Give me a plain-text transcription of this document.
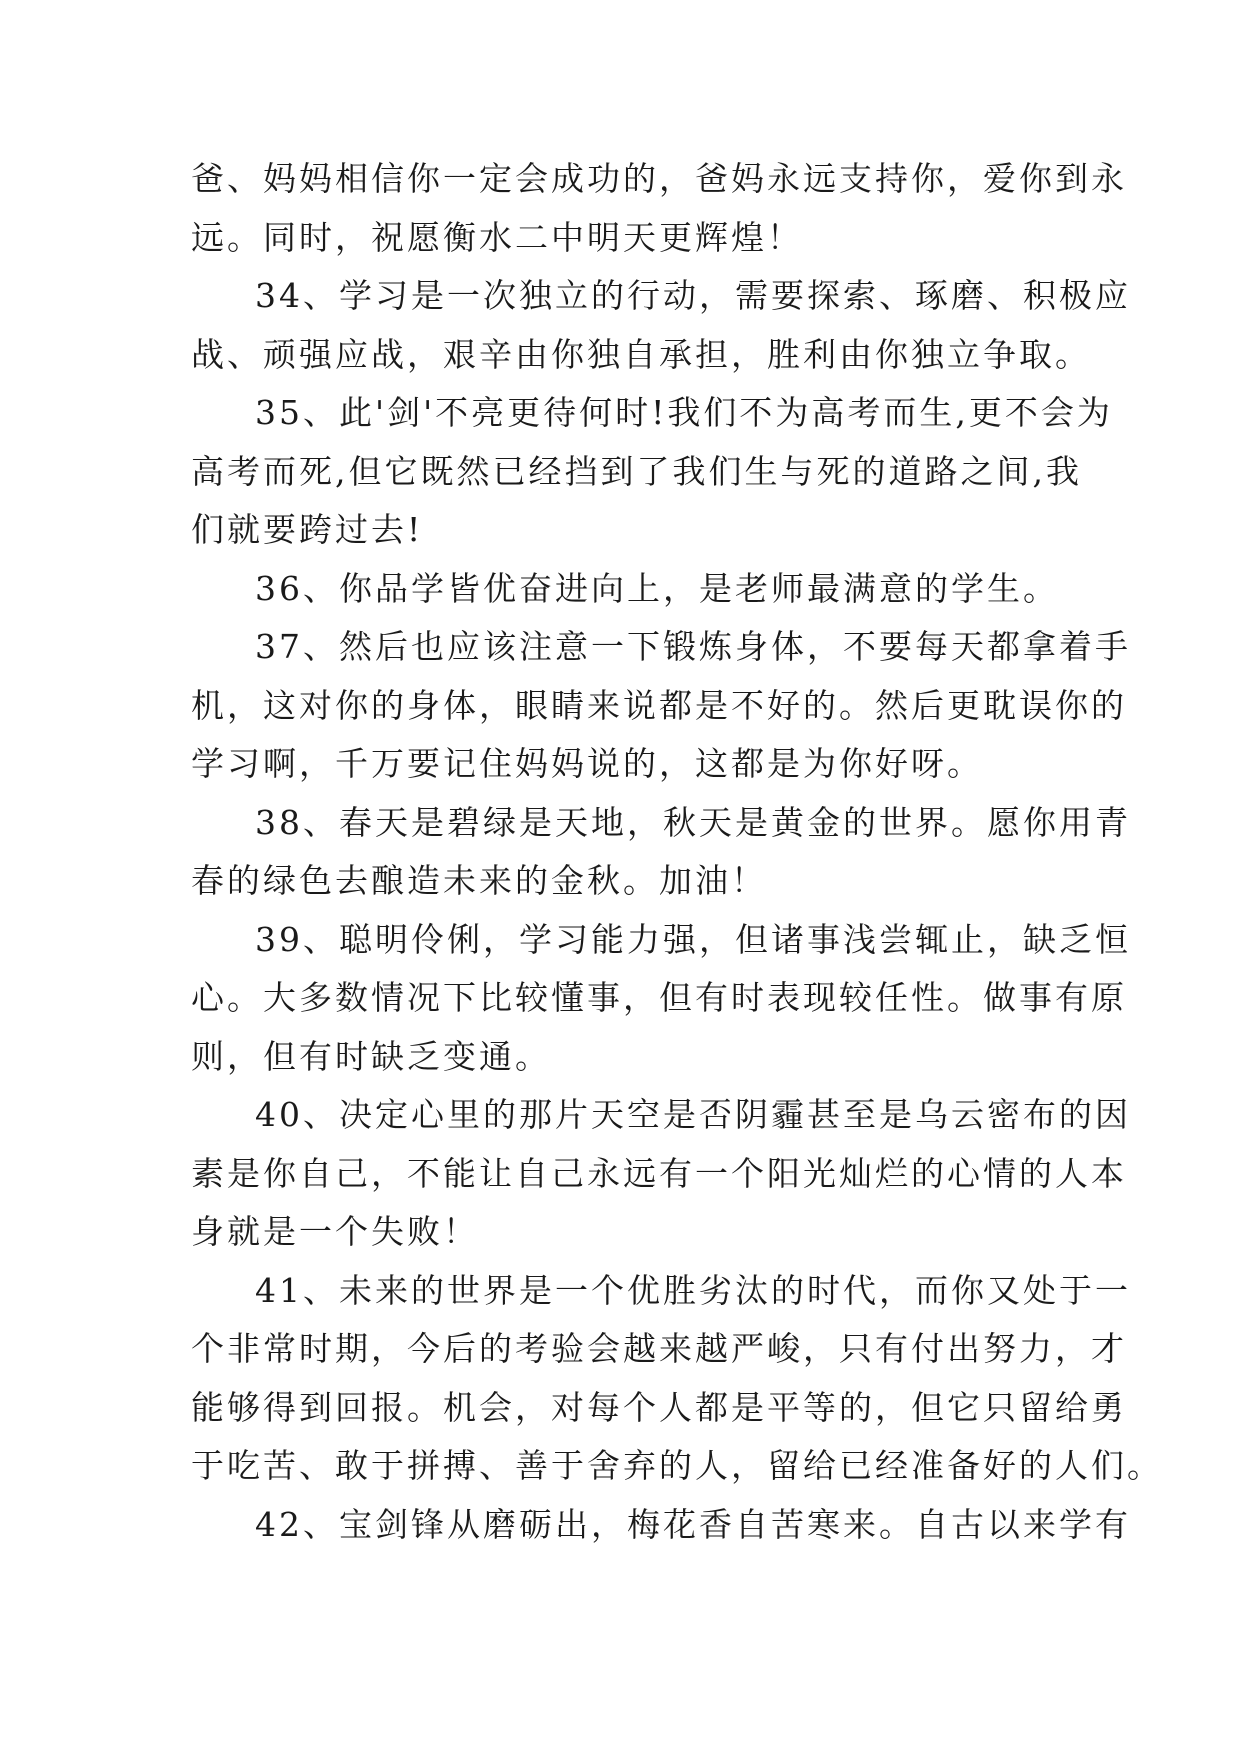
爸、妈妈相信你一定会成功的，爸妈永远支持你，爱你到永
远。同时，祝愿衡水二中明天更辉煌！
34、学习是一次独立的行动，需要探索、琢磨、积极应
战、顽强应战，艰辛由你独自承担，胜利由你独立争取。
35、此'剑'不亮更待何时!我们不为高考而生,更不会为
高考而死,但它既然已经挡到了我们生与死的道路之间,我
们就要跨过去!
36、你品学皆优奋进向上，是老师最满意的学生。
37、然后也应该注意一下锻炼身体，不要每天都拿着手
机，这对你的身体，眼睛来说都是不好的。然后更耽误你的
学习啊，千万要记住妈妈说的，这都是为你好呀。
38、春天是碧绿是天地，秋天是黄金的世界。愿你用青
春的绿色去酿造未来的金秋。加油！
39、聪明伶俐，学习能力强，但诸事浅尝辄止，缺乏恒
心。大多数情况下比较懂事，但有时表现较任性。做事有原
则，但有时缺乏变通。
40、决定心里的那片天空是否阴霾甚至是乌云密布的因
素是你自己，不能让自己永远有一个阳光灿烂的心情的人本
身就是一个失败！
41、未来的世界是一个优胜劣汰的时代，而你又处于一
个非常时期，今后的考验会越来越严峻，只有付出努力，才
能够得到回报。机会，对每个人都是平等的，但它只留给勇
于吃苦、敢于拼搏、善于舍弃的人，留给已经准备好的人们。
42、宝剑锋从磨砺出，梅花香自苦寒来。自古以来学有
